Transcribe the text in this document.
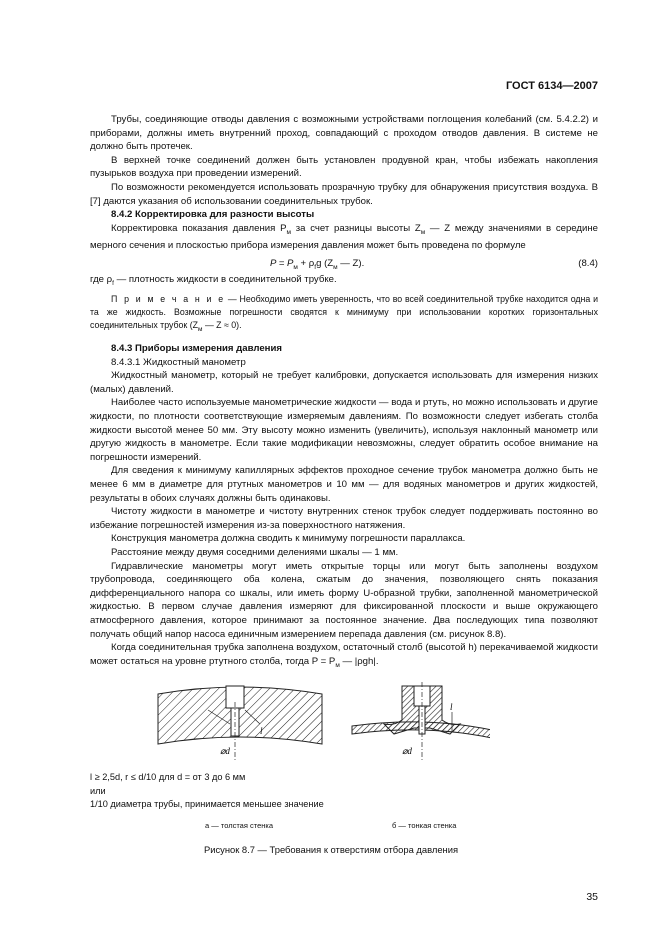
ГОСТ 6134—2007

Трубы, соединяющие отводы давления с возможными устройствами поглощения колебаний (см. 5.4.2.2) и приборами, должны иметь внутренний проход, совпадающий с проходом отводов давления. В системе не должно быть протечек.

В верхней точке соединений должен быть установлен продувной кран, чтобы избежать накопления пузырьков воздуха при проведении измерений.

По возможности рекомендуется использовать прозрачную трубку для обнаружения присутствия воздуха. В [7] даются указания об использовании соединительных трубок.

8.4.2 Корректировка для разности высоты

Корректировка показания давления $P_м$ за счет разницы высоты $Z_м$ — Z между значениями в середине мерного сечения и плоскостью прибора измерения давления может быть проведена по формуле

$P = P_м + \rho_fg$ ($Z_м$ — Z).	(8.4)

где $\rho_f$ — плотность жидкости в соединительной трубке.

П р и м е ч а н и е — Необходимо иметь уверенность, что во всей соединительной трубке находится одна и та же жидкость. Возможные погрешности сводятся к минимуму при использовании коротких горизонтальных соединительных трубок ($Z_м$ — Z ≈ 0).

8.4.3 Приборы измерения давления

8.4.3.1 Жидкостный манометр

Жидкостный манометр, который не требует калибровки, допускается использовать для измерения низких (малых) давлений.

Наиболее часто используемые манометрические жидкости — вода и ртуть, но можно использовать и другие жидкости, по плотности соответствующие измеряемым давлениям. По возможности следует избегать столба жидкости высотой менее 50 мм. Эту высоту можно изменить (увеличить), используя наклонный манометр или другую жидкость в манометре. Если такие модификации невозможны, следует обратить особое внимание на погрешности измерений.

Для сведения к минимуму капиллярных эффектов проходное сечение трубок манометра должно быть не менее 6 мм в диаметре для ртутных манометров и 10 мм — для водяных манометров и других жидкостей, результаты в обоих случаях должны быть одинаковы.

Чистоту жидкости в манометре и чистоту внутренних стенок трубок следует поддерживать постоянно во избежание погрешностей измерения из-за поверхностного натяжения.

Конструкция манометра должна сводить к минимуму погрешности параллакса.

Расстояние между двумя соседними делениями шкалы — 1 мм.

Гидравлические манометры могут иметь открытые торцы или могут быть заполнены воздухом трубопровода, соединяющего оба колена, сжатым до значения, позволяющего снять показания дифференциального напора со шкалы, или иметь форму U-образной трубки, заполненной манометрической жидкостью. В первом случае давления измеряют для фиксированной плоскости и выше окружающего атмосферного давления, которое принимают за постоянное значение. Два последующих типа позволяют получать общий напор насоса единичным измерением перепада давления (см. рисунок 8.8).

Когда соединительная трубка заполнена воздухом, остаточный столб (высотой h) перекачиваемой жидкости может остаться на уровне ртутного столба, тогда $P = P_м$ — |ρgh|.

l
⌀d
l
⌀d
l ≥ 2,5d, r ≤ d/10 для d = от 3 до 6 мм
или
1/10 диаметра трубы, принимается меньшее значение
а — толстая стенка	б — тонкая стенка
Рисунок 8.7 — Требования к отверстиям отбора давления
35
